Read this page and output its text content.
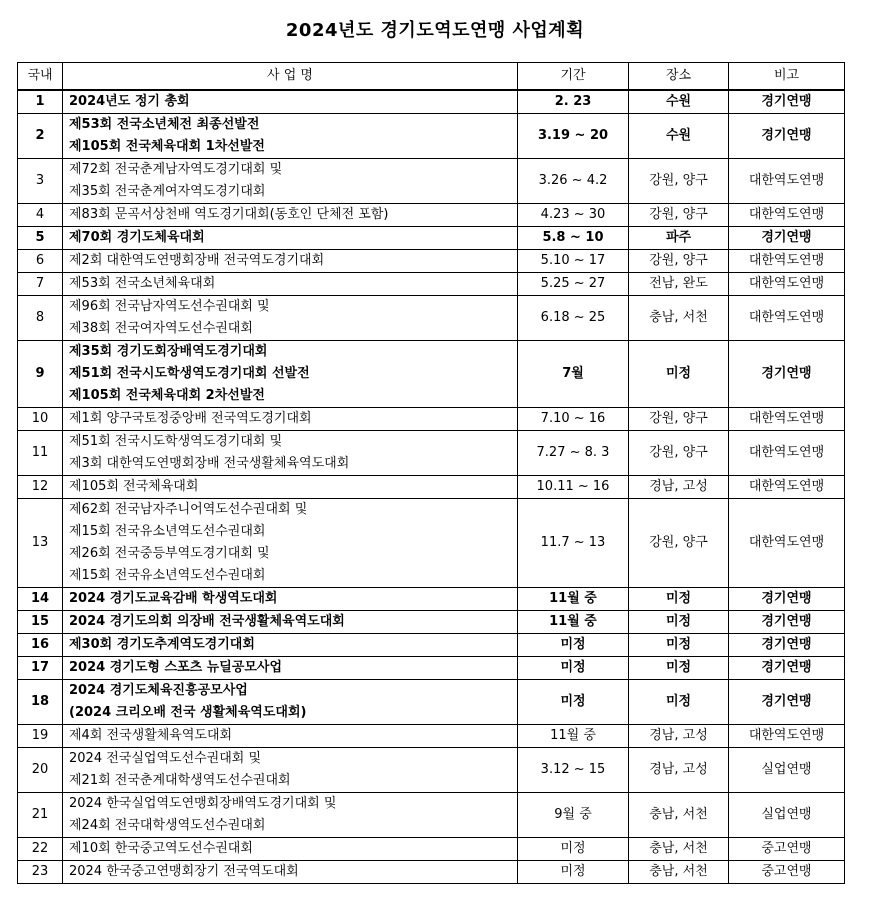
2024년도 경기도역도연맹 사업계획
국내	사 업 명	기간	장소	비고
1	2024년도 정기 총회	2. 23	수원	경기연맹
2	제53회 전국소년체전 최종선발전
제105회 전국체육대회 1차선발전	3.19 ~ 20	수원	경기연맹
3	제72회 전국춘계남자역도경기대회 및
제35회 전국춘계여자역도경기대회	3.26 ~ 4.2	강원, 양구	대한역도연맹
4	제83회 문곡서상천배 역도경기대회(동호인 단체전 포함)	4.23 ~ 30	강원, 양구	대한역도연맹
5	제70회 경기도체육대회	5.8 ~ 10	파주	경기연맹
6	제2회 대한역도연맹회장배 전국역도경기대회	5.10 ~ 17	강원, 양구	대한역도연맹
7	제53회 전국소년체육대회	5.25 ~ 27	전남, 완도	대한역도연맹
8	제96회 전국남자역도선수권대회 및
제38회 전국여자역도선수권대회	6.18 ~ 25	충남, 서천	대한역도연맹
9	제35회 경기도회장배역도경기대회
제51회 전국시도학생역도경기대회 선발전
제105회 전국체육대회 2차선발전	7월	미정	경기연맹
10	제1회 양구국토정중앙배 전국역도경기대회	7.10 ~ 16	강원, 양구	대한역도연맹
11	제51회 전국시도학생역도경기대회 및
제3회 대한역도연맹회장배 전국생활체육역도대회	7.27 ~ 8. 3	강원, 양구	대한역도연맹
12	제105회 전국체육대회	10.11 ~ 16	경남, 고성	대한역도연맹
13	제62회 전국남자주니어역도선수권대회 및
제15회 전국유소년역도선수권대회
제26회 전국중등부역도경기대회 및
제15회 전국유소년역도선수권대회	11.7 ~ 13	강원, 양구	대한역도연맹
14	2024 경기도교육감배 학생역도대회	11월 중	미정	경기연맹
15	2024 경기도의회 의장배 전국생활체육역도대회	11월 중	미정	경기연맹
16	제30회 경기도추계역도경기대회	미정	미정	경기연맹
17	2024 경기도형 스포츠 뉴딜공모사업	미정	미정	경기연맹
18	2024 경기도체육진흥공모사업
(2024 크리오배 전국 생활체육역도대회)	미정	미정	경기연맹
19	제4회 전국생활체육역도대회	11월 중	경남, 고성	대한역도연맹
20	2024 전국실업역도선수권대회 및
제21회 전국춘계대학생역도선수권대회	3.12 ~ 15	경남, 고성	실업연맹
21	2024 한국실업역도연맹회장배역도경기대회 및
제24회 전국대학생역도선수권대회	9월 중	충남, 서천	실업연맹
22	제10회 한국중고역도선수권대회	미정	충남, 서천	중고연맹
23	2024 한국중고연맹회장기 전국역도대회	미정	충남, 서천	중고연맹
